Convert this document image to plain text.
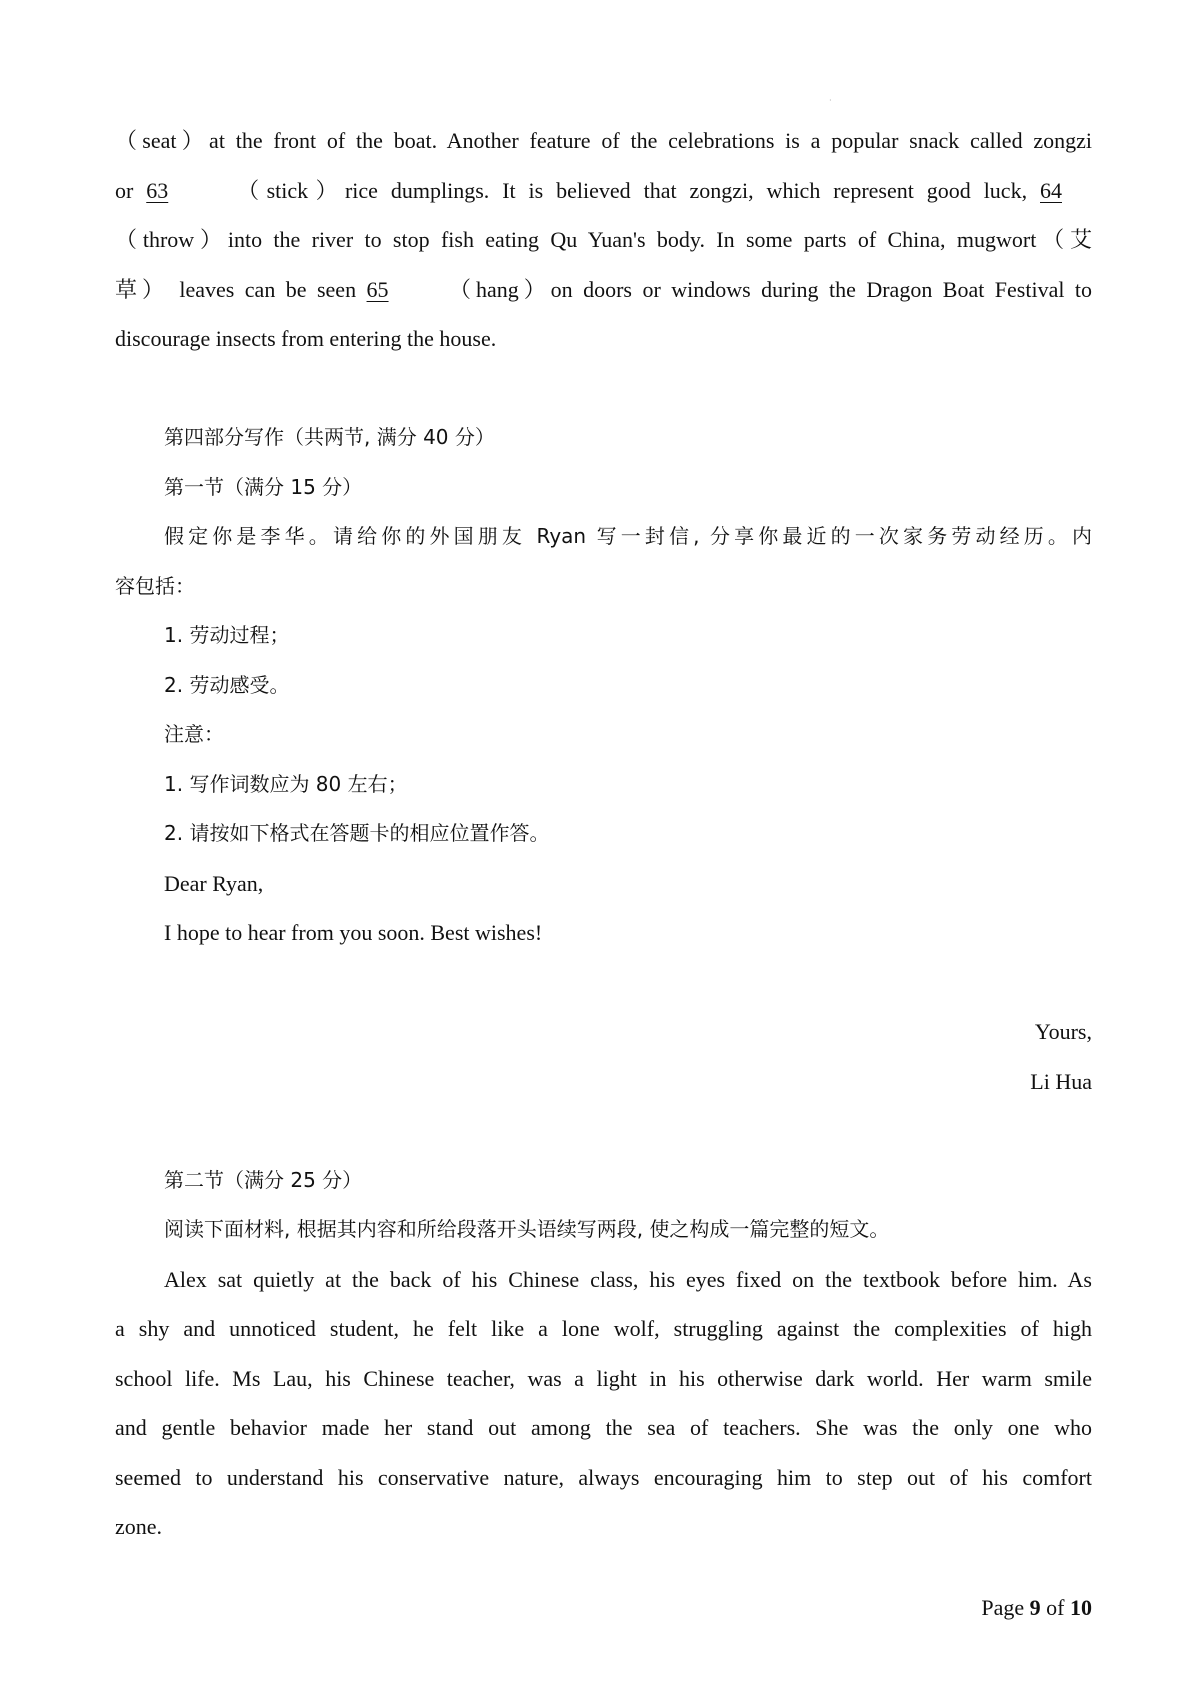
·
（seat）at the front of the boat. Another feature of the celebrations is a popular snack called zongzi
or 63	（stick）rice dumplings. It is believed that zongzi, which represent good luck, 64
（throw）into the river to stop fish eating Qu Yuan's body. In some parts of China, mugwort（艾
草） leaves can be seen 65	（hang）on doors or windows during the Dragon Boat Festival to
discourage insects from entering the house.
第四部分写作（共两节, 满分 40 分）
第一节（满分 15 分）
假定你是李华。请给你的外国朋友 Ryan 写一封信, 分享你最近的一次家务劳动经历。内
容包括：
1. 劳动过程；
2. 劳动感受。
注意：
1. 写作词数应为 80 左右；
2. 请按如下格式在答题卡的相应位置作答。
Dear Ryan,
I hope to hear from you soon. Best wishes!
Yours,
Li Hua
第二节（满分 25 分）
阅读下面材料, 根据其内容和所给段落开头语续写两段, 使之构成一篇完整的短文。
Alex sat quietly at the back of his Chinese class, his eyes fixed on the textbook before him. As
a shy and unnoticed student, he felt like a lone wolf, struggling against the complexities of high
school life. Ms Lau, his Chinese teacher, was a light in his otherwise dark world. Her warm smile
and gentle behavior made her stand out among the sea of teachers. She was the only one who
seemed to understand his conservative nature, always encouraging him to step out of his comfort
zone.
Page 9 of 10
